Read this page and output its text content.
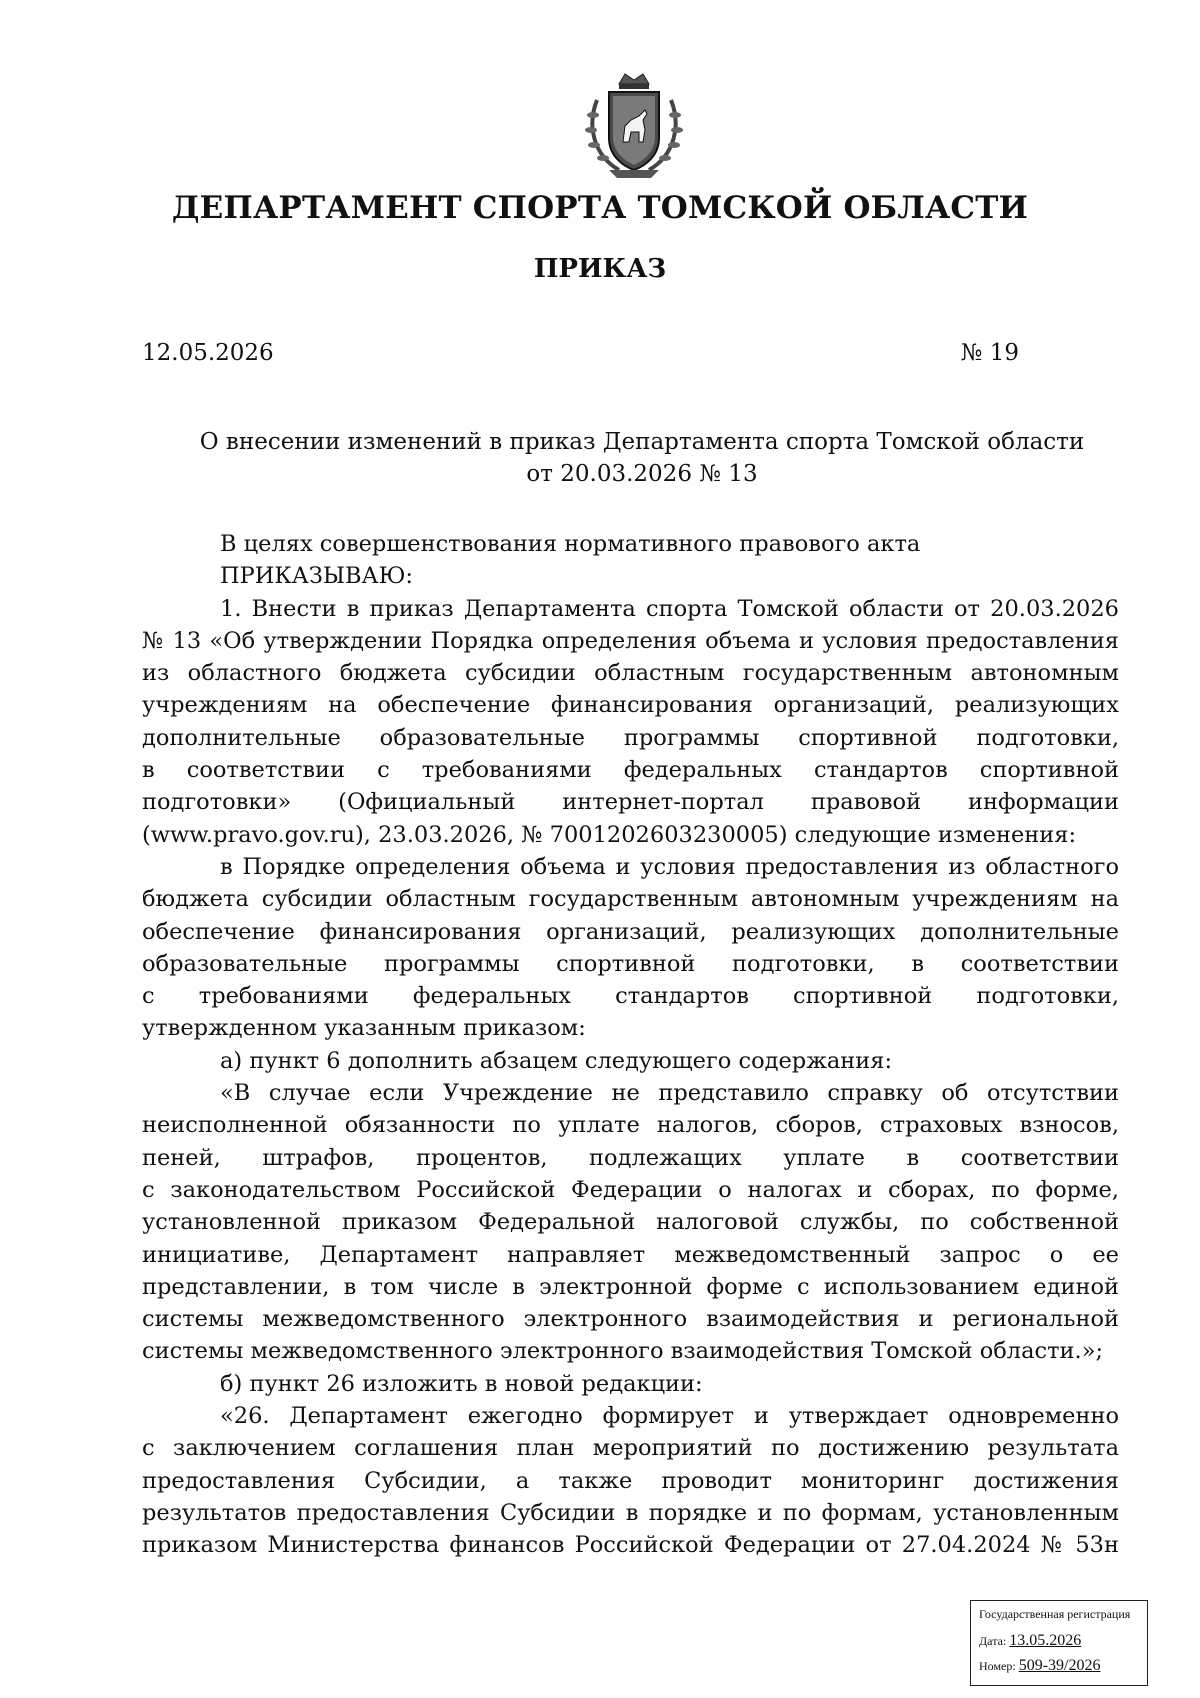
ДЕПАРТАМЕНТ СПОРТА ТОМСКОЙ ОБЛАСТИ
ПРИКАЗ
12.05.2026	№ 19
О внесении изменений в приказ Департамента спорта Томской области
от 20.03.2026 № 13
В целях совершенствования нормативного правового акта
ПРИКАЗЫВАЮ:
1. Внести в приказ Департамента спорта Томской области от 20.03.2026
№ 13 «Об утверждении Порядка определения объема и условия предоставления
из областного бюджета субсидии областным государственным автономным
учреждениям на обеспечение финансирования организаций, реализующих
дополнительные образовательные программы спортивной подготовки,
в соответствии с требованиями федеральных стандартов спортивной
подготовки» (Официальный интернет-портал правовой информации
(www.pravo.gov.ru), 23.03.2026, № 7001202603230005) следующие изменения:
в Порядке определения объема и условия предоставления из областного
бюджета субсидии областным государственным автономным учреждениям на
обеспечение финансирования организаций, реализующих дополнительные
образовательные программы спортивной подготовки, в соответствии
с требованиями федеральных стандартов спортивной подготовки,
утвержденном указанным приказом:
а) пункт 6 дополнить абзацем следующего содержания:
«В случае если Учреждение не представило справку об отсутствии
неисполненной обязанности по уплате налогов, сборов, страховых взносов,
пеней, штрафов, процентов, подлежащих уплате в соответствии
с законодательством Российской Федерации о налогах и сборах, по форме,
установленной приказом Федеральной налоговой службы, по собственной
инициативе, Департамент направляет межведомственный запрос о ее
представлении, в том числе в электронной форме с использованием единой
системы межведомственного электронного взаимодействия и региональной
системы межведомственного электронного взаимодействия Томской области.»;
б) пункт 26 изложить в новой редакции:
«26. Департамент ежегодно формирует и утверждает одновременно
с заключением соглашения план мероприятий по достижению результата
предоставления Субсидии, а также проводит мониторинг достижения
результатов предоставления Субсидии в порядке и по формам, установленным
приказом Министерства финансов Российской Федерации от 27.04.2024 № 53н
Государственная регистрация
Дата: 13.05.2026
Номер: 509-39/2026
